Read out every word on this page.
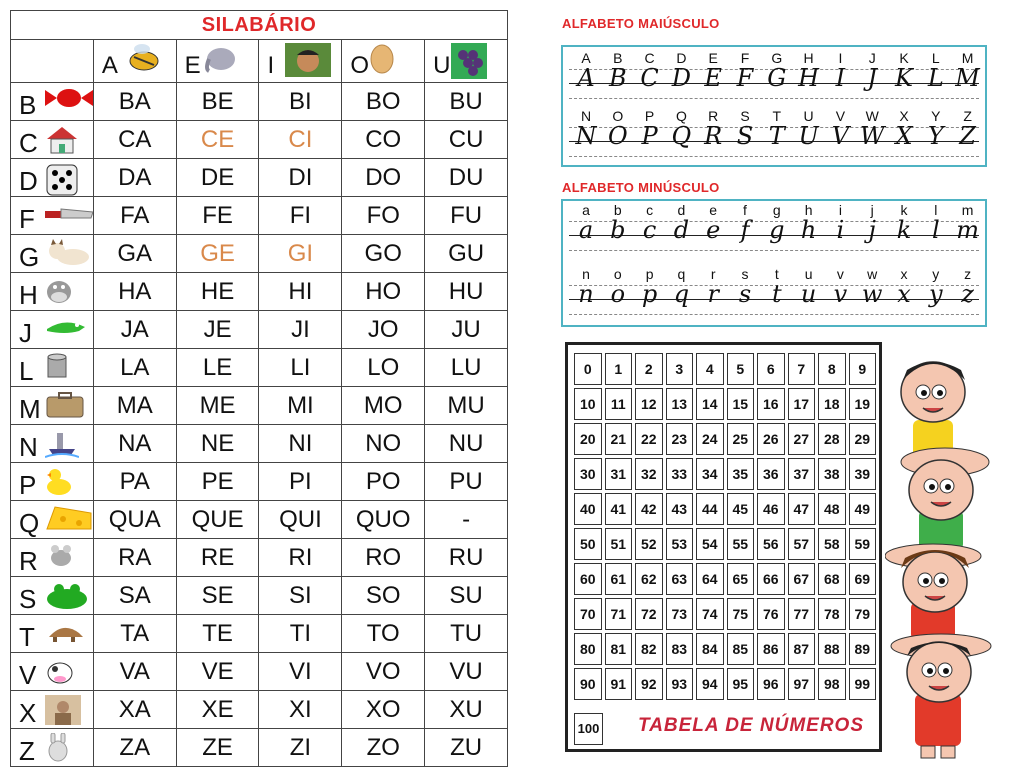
SILABÁRIO					

	A	E	I	O	U

B	BA	BE	BI	BO	BU
C	CA	CE	CI	CO	CU
D	DA	DE	DI	DO	DU
F	FA	FE	FI	FO	FU
G	GA	GE	GI	GO	GU
H	HA	HE	HI	HO	HU
J	JA	JE	JI	JO	JU
L	LA	LE	LI	LO	LU
M	MA	ME	MI	MO	MU
N	NA	NE	NI	NO	NU
P	PA	PE	PI	PO	PU
Q	QUA	QUE	QUI	QUO	-
R	RA	RE	RI	RO	RU
S	SA	SE	SI	SO	SU
T	TA	TE	TI	TO	TU
V	VA	VE	VI	VO	VU
X	XA	XE	XI	XO	XU
Z	ZA	ZE	ZI	ZO	ZU
ALFABETO MAIÚSCULO
A
A
B
B
C
C
D
D
E
E
F
F
G
G
H
H
I
I
J
J
K
K
L
L
M
M
N
N
O
O
P
P
Q
Q
R
R
S
S
T
T
U
U
V
V
W
W
X
X
Y
Y
Z
Z
ALFABETO MINÚSCULO
a
a
b
b
c
c
d
d
e
e
f
f
g
g
h
h
i
i
j
j
k
k
l
l
m
m
n
n
o
o
p
p
q
q
r
r
s
s
t
t
u
u
v
v
w
w
x
x
y
y
z
z
0	1	2	3	4	5	6	7	8	9
10	11	12	13	14	15	16	17	18	19
20	21	22	23	24	25	26	27	28	29
30	31	32	33	34	35	36	37	38	39
40	41	42	43	44	45	46	47	48	49
50	51	52	53	54	55	56	57	58	59
60	61	62	63	64	65	66	67	68	69
70	71	72	73	74	75	76	77	78	79
80	81	82	83	84	85	86	87	88	89
90	91	92	93	94	95	96	97	98	99
100 TABELA DE NÚMEROS
